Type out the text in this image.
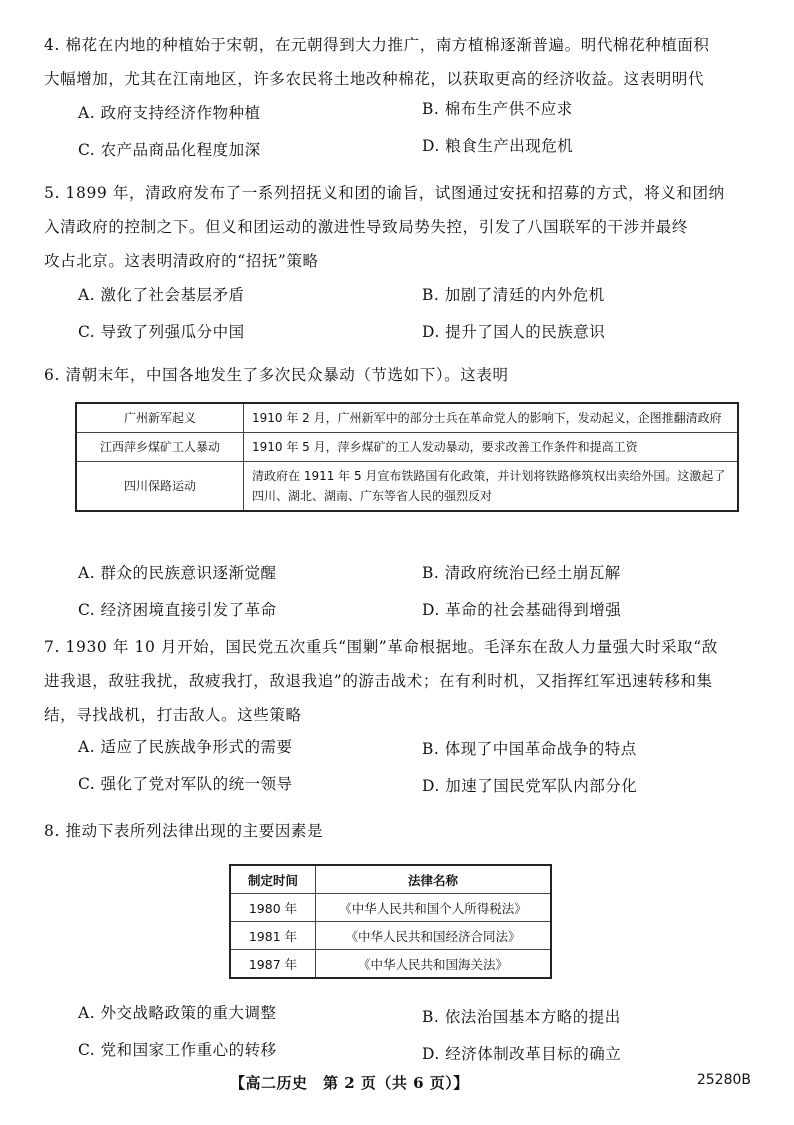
4. 棉花在内地的种植始于宋朝，在元朝得到大力推广，南方植棉逐渐普遍。明代棉花种植面积

大幅增加，尤其在江南地区，许多农民将土地改种棉花，以获取更高的经济收益。这表明明代

A. 政府支持经济作物种植	B. 棉布生产供不应求
C. 农产品商品化程度加深	D. 粮食生产出现危机

5. 1899 年，清政府发布了一系列招抚义和团的谕旨，试图通过安抚和招募的方式，将义和团纳

入清政府的控制之下。但义和团运动的激进性导致局势失控，引发了八国联军的干涉并最终

攻占北京。这表明清政府的“招抚”策略

A. 激化了社会基层矛盾	B. 加剧了清廷的内外危机
C. 导致了列强瓜分中国	D. 提升了国人的民族意识

6. 清朝末年，中国各地发生了多次民众暴动（节选如下）。这表明

广州新军起义	1910 年 2 月，广州新军中的部分士兵在革命党人的影响下，发动起义，企图推翻清政府
江西萍乡煤矿工人暴动	1910 年 5 月，萍乡煤矿的工人发动暴动，要求改善工作条件和提高工资
四川保路运动	清政府在 1911 年 5 月宣布铁路国有化政策，并计划将铁路修筑权出卖给外国。这激起了四川、湖北、湖南、广东等省人民的强烈反对
A. 群众的民族意识逐渐觉醒	B. 清政府统治已经土崩瓦解
C. 经济困境直接引发了革命	D. 革命的社会基础得到增强

7. 1930 年 10 月开始，国民党五次重兵“围剿”革命根据地。毛泽东在敌人力量强大时采取“敌

进我退，敌驻我扰，敌疲我打，敌退我追”的游击战术；在有利时机，又指挥红军迅速转移和集

结，寻找战机，打击敌人。这些策略

A. 适应了民族战争形式的需要	B. 体现了中国革命战争的特点
C. 强化了党对军队的统一领导	D. 加速了国民党军队内部分化

8. 推动下表所列法律出现的主要因素是

制定时间	法律名称
1980 年	《中华人民共和国个人所得税法》
1981 年	《中华人民共和国经济合同法》
1987 年	《中华人民共和国海关法》
A. 外交战略政策的重大调整	B. 依法治国基本方略的提出
C. 党和国家工作重心的转移	D. 经济体制改革目标的确立
【高二历史　第 2 页（共 6 页）】	25280B
